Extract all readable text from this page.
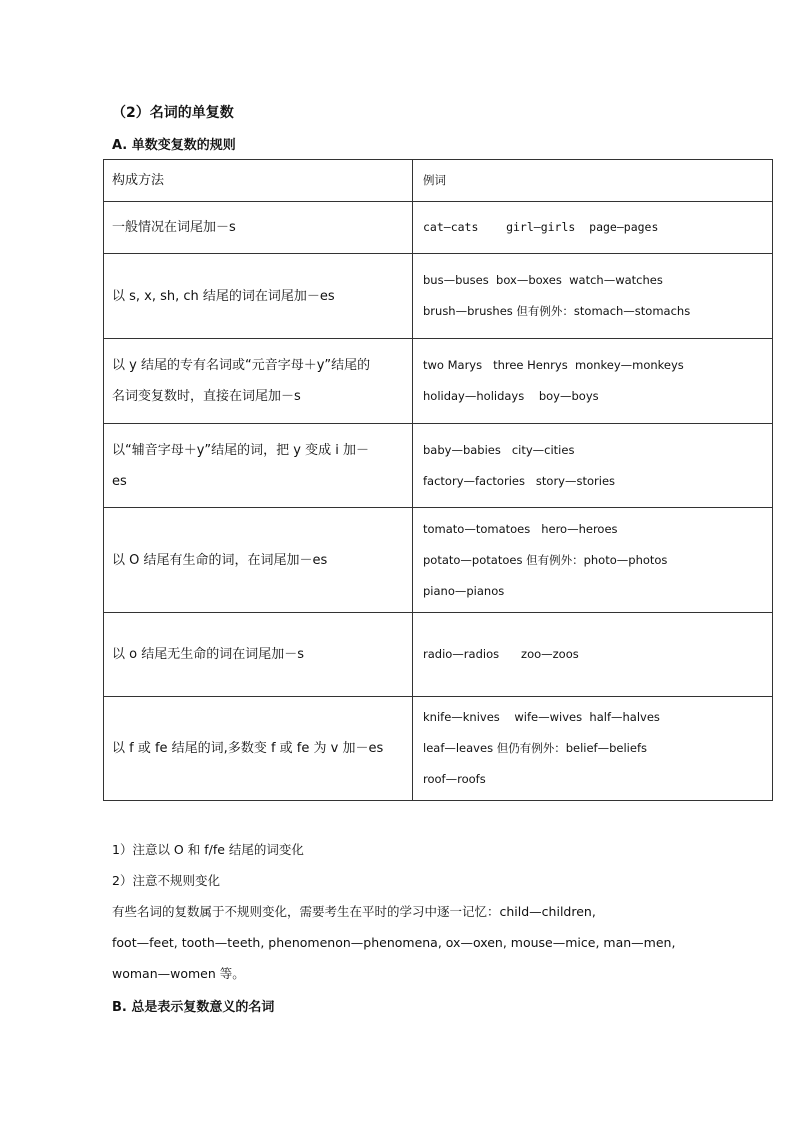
（2）名词的单复数
A. 单数变复数的规则
构成方法	例词

一般情况在词尾加－s	cat—cats    girl—girls  page—pages

以 s, x, sh, ch 结尾的词在词尾加－es	bus—buses  box—boxes  watch—watches
brush—brushes 但有例外：stomach—stomachs

以 y 结尾的专有名词或“元音字母＋y”结尾的
名词变复数时，直接在词尾加－s	two Marys   three Henrys  monkey—monkeys
holiday—holidays    boy—boys

以“辅音字母＋y”结尾的词，把 y 变成 i 加－
es	baby—babies   city—cities
factory—factories   story—stories

以 O 结尾有生命的词，在词尾加－es	tomato—tomatoes   hero—heroes
potato—potatoes 但有例外：photo—photos
piano—pianos

以 o 结尾无生命的词在词尾加－s	radio—radios      zoo—zoos

以 f 或 fe 结尾的词,多数变 f 或 fe 为 v 加－es	knife—knives    wife—wives  half—halves
leaf—leaves 但仍有例外：belief—beliefs
roof—roofs
1）注意以 O 和 f/fe 结尾的词变化
2）注意不规则变化
有些名词的复数属于不规则变化，需要考生在平时的学习中逐一记忆：child—children,
foot—feet, tooth—teeth, phenomenon—phenomena, ox—oxen, mouse—mice, man—men,
woman—women 等。
B. 总是表示复数意义的名词
